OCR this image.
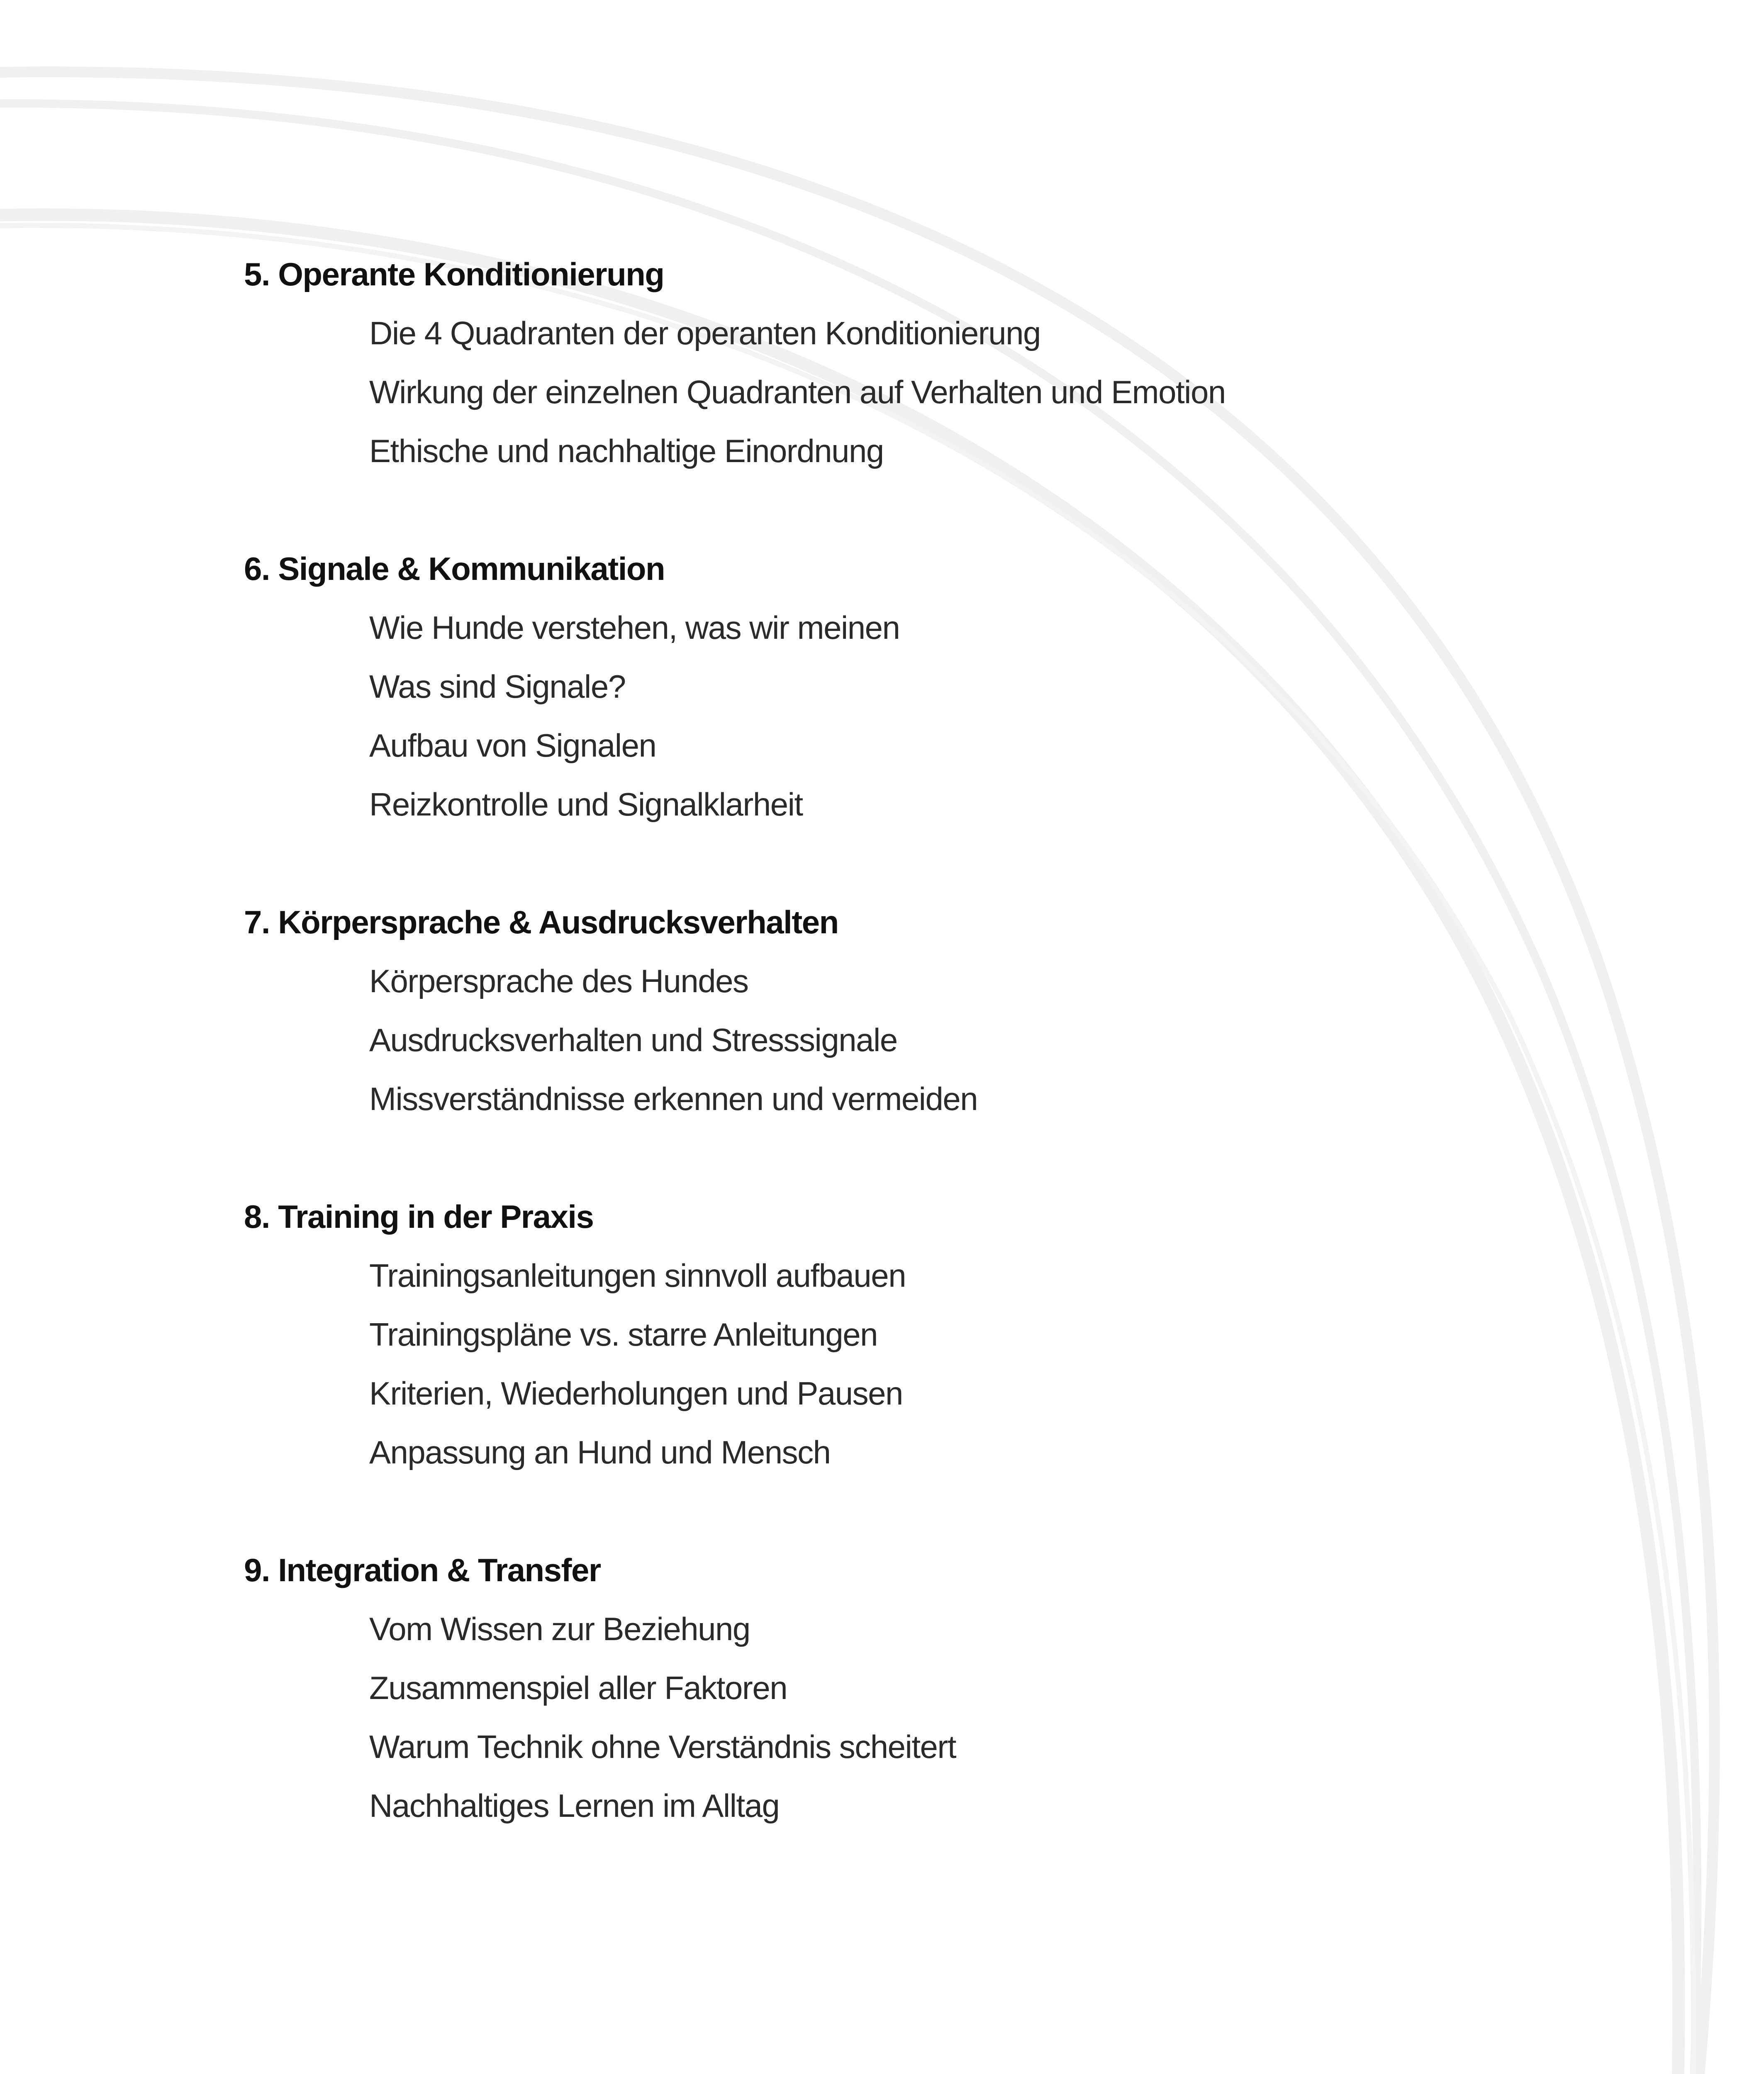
5. Operante Konditionierung
Die 4 Quadranten der operanten Konditionierung
Wirkung der einzelnen Quadranten auf Verhalten und Emotion
Ethische und nachhaltige Einordnung
6. Signale & Kommunikation
Wie Hunde verstehen, was wir meinen
Was sind Signale?
Aufbau von Signalen
Reizkontrolle und Signalklarheit
7. Körpersprache & Ausdrucksverhalten
Körpersprache des Hundes
Ausdrucksverhalten und Stresssignale
Missverständnisse erkennen und vermeiden
8. Training in der Praxis
Trainingsanleitungen sinnvoll aufbauen
Trainingspläne vs. starre Anleitungen
Kriterien, Wiederholungen und Pausen
Anpassung an Hund und Mensch
9. Integration & Transfer
Vom Wissen zur Beziehung
Zusammenspiel aller Faktoren
Warum Technik ohne Verständnis scheitert
Nachhaltiges Lernen im Alltag
